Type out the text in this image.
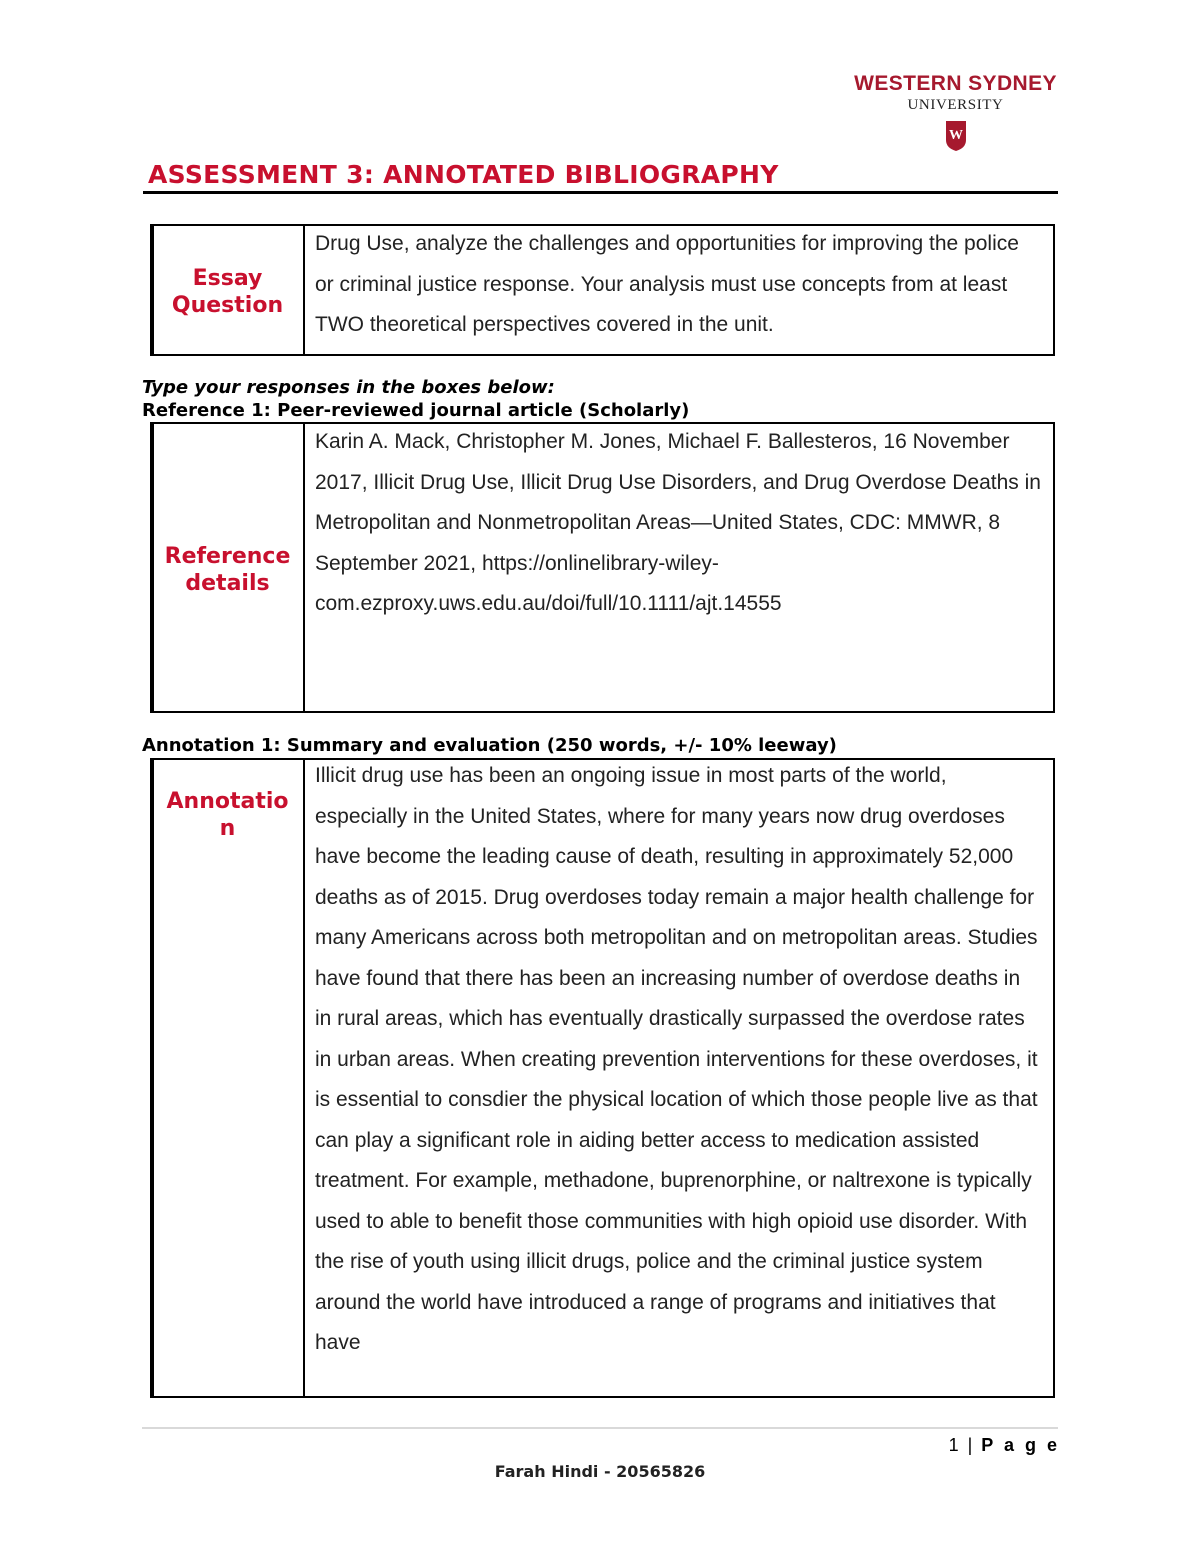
WESTERN SYDNEY
UNIVERSITY
W
ASSESSMENT 3: ANNOTATED BIBLIOGRAPHY
Essay Question
Drug Use, analyze the challenges and opportunities for improving the police or criminal justice response. Your analysis must use concepts from at least TWO theoretical perspectives covered in the unit.
Type your responses in the boxes below:
Reference 1: Peer-reviewed journal article (Scholarly)
Reference details
Karin A. Mack, Christopher M. Jones, Michael F. Ballesteros, 16 November 2017, Illicit Drug Use, Illicit Drug Use Disorders, and Drug Overdose Deaths in Metropolitan and Nonmetropolitan Areas—United States, CDC: MMWR, 8 September 2021, https://onlinelibrary-wiley-com.ezproxy.uws.edu.au/doi/full/10.1111/ajt.14555
Annotation 1: Summary and evaluation (250 words, +/- 10% leeway)
Annotatio
n
Illicit drug use has been an ongoing issue in most parts of the world, especially in the United States, where for many years now drug overdoses have become the leading cause of death, resulting in approximately 52,000 deaths as of 2015. Drug overdoses today remain a major health challenge for many Americans across both metropolitan and on metropolitan areas. Studies have found that there has been an increasing number of overdose deaths in in rural areas, which has eventually drastically surpassed the overdose rates in urban areas. When creating prevention interventions for these overdoses, it is essential to consdier the physical location of which those people live as that can play a significant role in aiding better access to medication assisted treatment. For example, methadone, buprenorphine, or naltrexone is typically used to able to benefit those communities with high opioid use disorder. With the rise of youth using illicit drugs, police and the criminal justice system around the world have introduced a range of programs and initiatives that have
1 | P a g e
Farah Hindi - 20565826
